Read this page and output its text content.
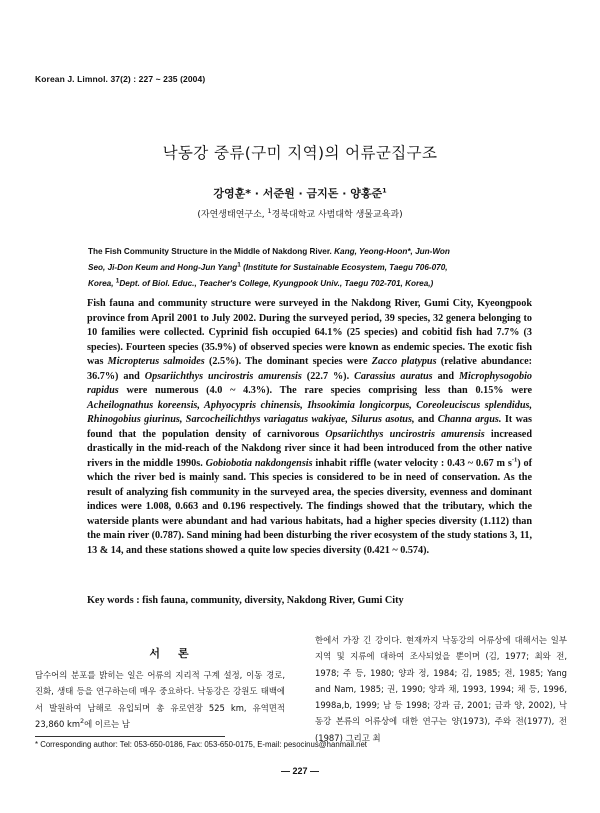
Korean J. Limnol. 37(2) : 227 ~ 235 (2004)
낙동강 중류(구미 지역)의 어류군집구조
강영훈* · 서준원 · 금지돈 · 양홍준$^1$
(자연생태연구소, $^1$경북대학교 사범대학 생물교육과)
The Fish Community Structure in the Middle of Nakdong River. Kang, Yeong-Hoon*, Jun-Won
Seo, Ji-Don Keum and Hong-Jun Yang$^1$ (Institute for Sustainable Ecosystem, Taegu 706-070,
Korea, $^1$Dept. of Biol. Educ., Teacher's College, Kyungpook Univ., Taegu 702-701, Korea,)
Fish fauna and community structure were surveyed in the Nakdong River, Gumi City, Kyeongpook province from April 2001 to July 2002. During the surveyed period, 39 species, 32 genera belonging to 10 families were collected. Cyprinid fish occupied 64.1% (25 species) and cobitid fish had 7.7% (3 species). Fourteen species (35.9%) of observed species were known as endemic species. The exotic fish was Micropterus salmoides (2.5%). The dominant species were Zacco platypus (relative abundance: 36.7%) and Opsariichthys uncirostris amurensis (22.7 %). Carassius auratus and Microphysogobio rapidus were numerous (4.0 ~ 4.3%). The rare species comprising less than 0.15% were Acheilognathus koreensis, Aphyocypris chinensis, Ihsookimia longicorpus, Coreoleuciscus splendidus, Rhinogobius giurinus, Sarcocheilichthys variagatus wakiyae, Silurus asotus, and Channa argus. It was found that the population density of carnivorous Opsariichthys uncirostris amurensis increased drastically in the mid-reach of the Nakdong river since it had been introduced from the other native rivers in the middle 1990s. Gobiobotia nakdongensis inhabit riffle (water velocity : 0.43 ~ 0.67 m $s^{-1}$) of which the river bed is mainly sand. This species is considered to be in need of conservation. As the result of analyzing fish community in the surveyed area, the species diversity, evenness and dominant indices were 1.008, 0.663 and 0.196 respectively. The findings showed that the tributary, which the waterside plants were abundant and had various habitats, had a higher species diversity (1.112) than the main river (0.787). Sand mining had been disturbing the river ecosystem of the study stations 3, 11, 13 & 14, and these stations showed a quite low species diversity (0.421 ~ 0.574).
Key words : fish fauna, community, diversity, Nakdong River, Gumi City
서론
담수어의 분포를 밝히는 일은 어류의 지리적 구계 설정, 이동 경로, 진화, 생태 등을 연구하는데 매우 중요하다. 낙동강은 강원도 태백에서 발원하여 남해로 유입되며 총 유로연장 525 km, 유역면적 23,860 $km^2$에 이르는 남
한에서 가장 긴 강이다. 현재까지 낙동강의 어류상에 대해서는 일부 지역 및 지류에 대하여 조사되었을 뿐이며 (김, 1977; 최와 전, 1978; 주 등, 1980; 양과 정, 1984; 김, 1985; 전, 1985; Yang and Nam, 1985; 권, 1990; 양과 채, 1993, 1994; 채 등, 1996, 1998a,b, 1999; 남 등 1998; 강과 금, 2001; 금과 양, 2002), 낙동강 본류의 어류상에 대한 연구는 양(1973), 주와 전(1977), 전(1987) 그리고 최
* Corresponding author: Tel: 053-650-0186, Fax: 053-650-0175, E-mail: pesocinus@hanmail.net
— 227 —
